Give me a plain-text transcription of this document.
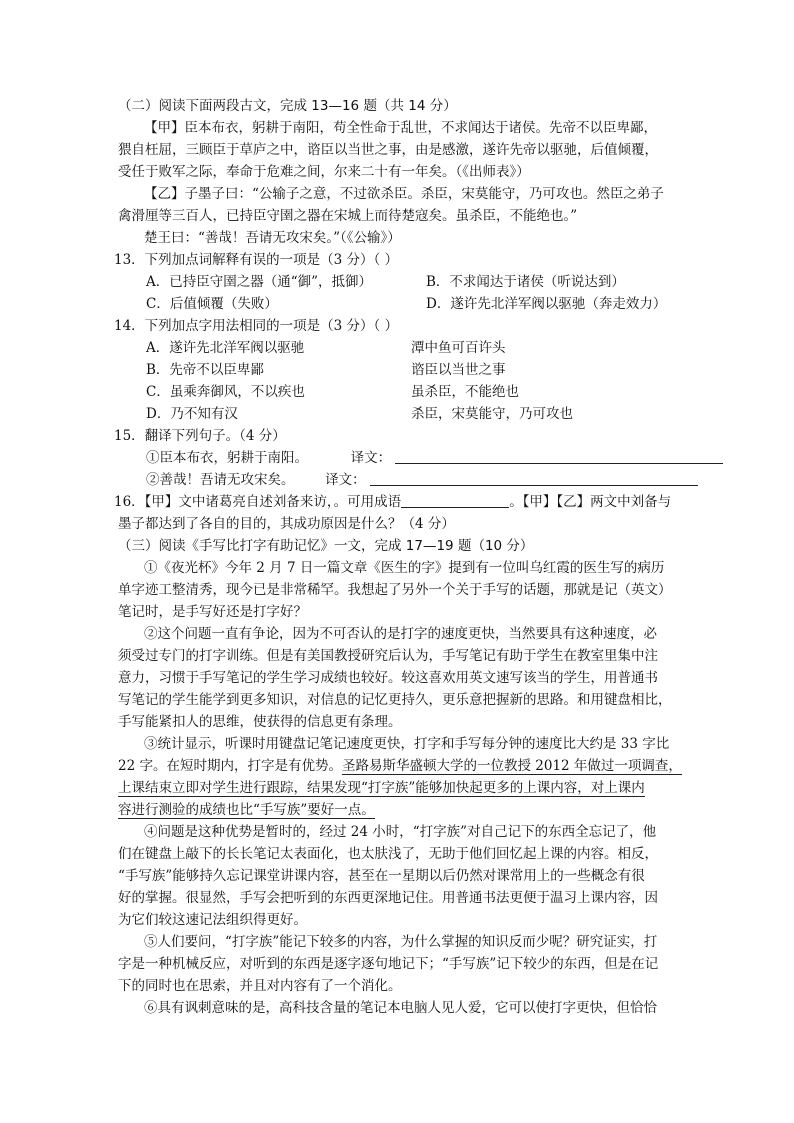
（二）阅读下面两段古文，完成 13—16 题（共 14 分）
【甲】臣本布衣，躬耕于南阳，苟全性命于乱世，不求闻达于诸侯。先帝不以臣卑鄙，
猥自枉屈，三顾臣于草庐之中，谘臣以当世之事，由是感激，遂许先帝以驱驰，后值倾覆，
受任于败军之际，奉命于危难之间，尔来二十有一年矣。（《出师表》）
【乙】子墨子曰：“公输子之意，不过欲杀臣。杀臣，宋莫能守，乃可攻也。然臣之弟子
禽滑厘等三百人，已持臣守圉之器在宋城上而待楚寇矣。虽杀臣，不能绝也。”
楚王曰：“善哉！吾请无攻宋矣。”（《公输》）
13．下列加点词解释有误的一项是（3 分）（ ）
A．已持臣守圉之器（通“御”，抵御）	B．不求闻达于诸侯（听说达到）
C．后值倾覆（失败）	D．遂许先北洋军阀以驱驰（奔走效力）
14．下列加点字用法相同的一项是（3 分）（ ）
A．遂许先北洋军阀以驱驰	潭中鱼可百许头
B．先帝不以臣卑鄙	谘臣以当世之事
C．虽乘奔御风，不以疾也	虽杀臣，不能绝也
D．乃不知有汉	杀臣，宋莫能守，乃可攻也
15．翻译下列句子。（4 分）
①臣本布衣，躬耕于南阳。	译文：
②善哉！吾请无攻宋矣。 译文：
16．【甲】文中诸葛亮自述刘备来访，。可用成语	。【甲】【乙】两文中刘备与
墨子都达到了各自的目的，其成功原因是什么？（4 分）
（三）阅读《手写比打字有助记忆》一文，完成 17—19 题（10 分）
①《夜光杯》今年 2 月 7 日一篇文章《医生的字》提到有一位叫乌红霞的医生写的病历
单字迹工整清秀，现今已是非常稀罕。我想起了另外一个关于手写的话题，那就是记（英文）
笔记时，是手写好还是打字好？
②这个问题一直有争论，因为不可否认的是打字的速度更快，当然要具有这种速度，必
须受过专门的打字训练。但是有美国教授研究后认为，手写笔记有助于学生在教室里集中注
意力，习惯于手写笔记的学生学习成绩也较好。较这喜欢用英文速写该当的学生，用普通书
写笔记的学生能学到更多知识，对信息的记忆更持久，更乐意把握新的思路。和用键盘相比，
手写能紧扣人的思维，使获得的信息更有条理。
③统计显示，听课时用键盘记笔记速度更快，打字和手写每分钟的速度比大约是 33 字比
22 字。在短时期内，打字是有优势。圣路易斯华盛顿大学的一位教授 2012 年做过一项调查，
上课结束立即对学生进行跟踪，结果发现“打字族”能够加快起更多的上课内容，对上课内
容进行测验的成绩也比“手写族”要好一点。
④问题是这种优势是暂时的，经过 24 小时，“打字族”对自己记下的东西全忘记了，他
们在键盘上敲下的长长笔记太表面化，也太肤浅了，无助于他们回忆起上课的内容。相反，
“手写族”能够持久忘记课堂讲课内容，甚至在一星期以后仍然对课常用上的一些概念有很
好的掌握。很显然，手写会把听到的东西更深地记住。用普通书法更便于温习上课内容，因
为它们较这速记法组织得更好。
⑤人们要问，“打字族”能记下较多的内容，为什么掌握的知识反而少呢？研究证实，打
字是一种机械反应，对听到的东西是逐字逐句地记下；“手写族”记下较少的东西，但是在记
下的同时也在思索，并且对内容有了一个消化。
⑥具有讽刺意味的是，高科技含量的笔记本电脑人见人爱，它可以使打字更快，但恰恰
